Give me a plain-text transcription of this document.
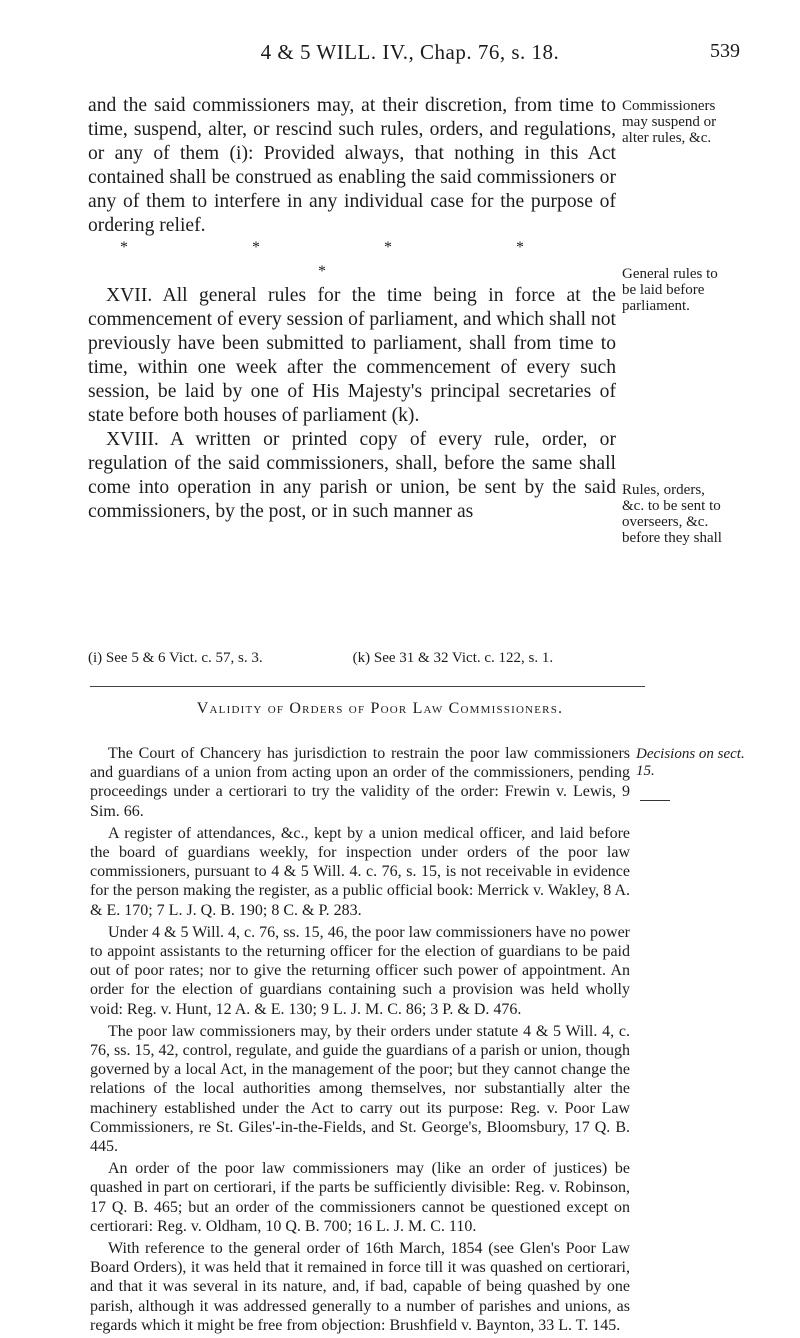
4 & 5 WILL. IV., Chap. 76, s. 18.	539

and the said commissioners may, at their discretion, from time to time, suspend, alter, or rescind such rules, orders, and regulations, or any of them (i): Provided always, that nothing in this Act contained shall be construed as enabling the said commissioners or any of them to interfere in any individual case for the purpose of ordering relief.

* * * * *

XVII. All general rules for the time being in force at the commencement of every session of parliament, and which shall not previously have been submitted to parliament, shall from time to time, within one week after the commencement of every such session, be laid by one of His Majesty's principal secretaries of state before both houses of parliament (k).

XVIII. A written or printed copy of every rule, order, or regulation of the said commissioners, shall, before the same shall come into operation in any parish or union, be sent by the said commissioners, by the post, or in such manner as

Commissioners may suspend or alter rules, &c.
General rules to be laid before parliament.
Rules, orders, &c. to be sent to overseers, &c. before they shall
(i) See 5 & 6 Vict. c. 57, s. 3.	(k) See 31 & 32 Vict. c. 122, s. 1.
Validity of Orders of Poor Law Commissioners.

The Court of Chancery has jurisdiction to restrain the poor law commissioners and guardians of a union from acting upon an order of the commissioners, pending proceedings under a certiorari to try the validity of the order: Frewin v. Lewis, 9 Sim. 66.

A register of attendances, &c., kept by a union medical officer, and laid before the board of guardians weekly, for inspection under orders of the poor law commissioners, pursuant to 4 & 5 Will. 4. c. 76, s. 15, is not receivable in evidence for the person making the register, as a public official book: Merrick v. Wakley, 8 A. & E. 170; 7 L. J. Q. B. 190; 8 C. & P. 283.

Under 4 & 5 Will. 4, c. 76, ss. 15, 46, the poor law commissioners have no power to appoint assistants to the returning officer for the election of guardians to be paid out of poor rates; nor to give the returning officer such power of appointment. An order for the election of guardians containing such a provision was held wholly void: Reg. v. Hunt, 12 A. & E. 130; 9 L. J. M. C. 86; 3 P. & D. 476.

The poor law commissioners may, by their orders under statute 4 & 5 Will. 4, c. 76, ss. 15, 42, control, regulate, and guide the guardians of a parish or union, though governed by a local Act, in the management of the poor; but they cannot change the relations of the local authorities among themselves, nor substantially alter the machinery established under the Act to carry out its purpose: Reg. v. Poor Law Commissioners, re St. Giles'-in-the-Fields, and St. George's, Bloomsbury, 17 Q. B. 445.

An order of the poor law commissioners may (like an order of justices) be quashed in part on certiorari, if the parts be sufficiently divisible: Reg. v. Robinson, 17 Q. B. 465; but an order of the commissioners cannot be questioned except on certiorari: Reg. v. Oldham, 10 Q. B. 700; 16 L. J. M. C. 110.

With reference to the general order of 16th March, 1854 (see Glen's Poor Law Board Orders), it was held that it remained in force till it was quashed on certiorari, and that it was several in its nature, and, if bad, capable of being quashed by one parish, although it was addressed generally to a number of parishes and unions, as regards which it might be free from objection: Brushfield v. Baynton, 33 L. T. 145.

Decisions on sect. 15.
